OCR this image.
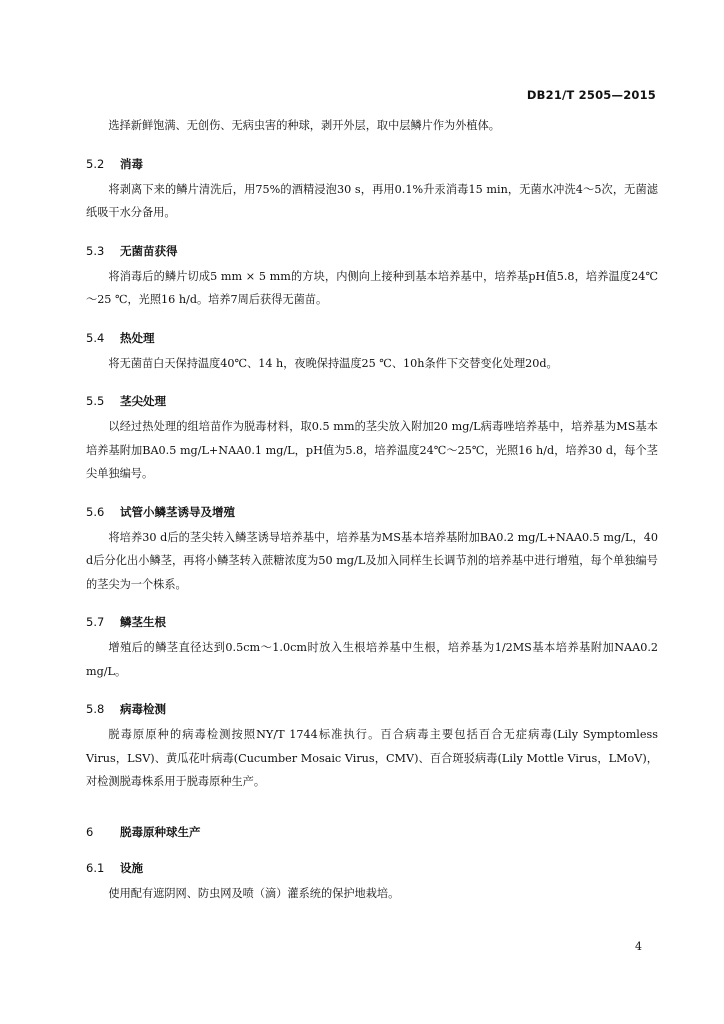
DB21/T 2505—2015

选择新鲜饱满、无创伤、无病虫害的种球，剥开外层，取中层鳞片作为外植体。

5.2 消毒

将剥离下来的鳞片清洗后，用75%的酒精浸泡30 s，再用0.1%升汞消毒15 min，无菌水冲洗4～5次，无菌滤纸吸干水分备用。

5.3 无菌苗获得

将消毒后的鳞片切成5 mm × 5 mm的方块，内侧向上接种到基本培养基中，培养基pH值5.8，培养温度24℃～25 ℃，光照16 h/d。培养7周后获得无菌苗。

5.4 热处理

将无菌苗白天保持温度40℃、14 h，夜晚保持温度25 ℃、10h条件下交替变化处理20d。

5.5 茎尖处理

以经过热处理的组培苗作为脱毒材料，取0.5 mm的茎尖放入附加20 mg/L病毒唑培养基中，培养基为MS基本培养基附加BA0.5 mg/L+NAA0.1 mg/L，pH值为5.8，培养温度24℃～25℃，光照16 h/d，培养30 d，每个茎尖单独编号。

5.6 试管小鳞茎诱导及增殖

将培养30 d后的茎尖转入鳞茎诱导培养基中，培养基为MS基本培养基附加BA0.2 mg/L+NAA0.5 mg/L，40 d后分化出小鳞茎，再将小鳞茎转入蔗糖浓度为50 mg/L及加入同样生长调节剂的培养基中进行增殖，每个单独编号的茎尖为一个株系。

5.7 鳞茎生根

增殖后的鳞茎直径达到0.5cm～1.0cm时放入生根培养基中生根，培养基为1/2MS基本培养基附加NAA0.2 mg/L。

5.8 病毒检测

脱毒原原种的病毒检测按照NY/T 1744标准执行。百合病毒主要包括百合无症病毒(Lily Symptomless Virus，LSV)、黄瓜花叶病毒(Cucumber Mosaic Virus，CMV)、百合斑驳病毒(Lily Mottle Virus，LMoV)，对检测脱毒株系用于脱毒原种生产。

6 脱毒原种球生产
6.1 设施

使用配有遮阴网、防虫网及喷（滴）灌系统的保护地栽培。

4
